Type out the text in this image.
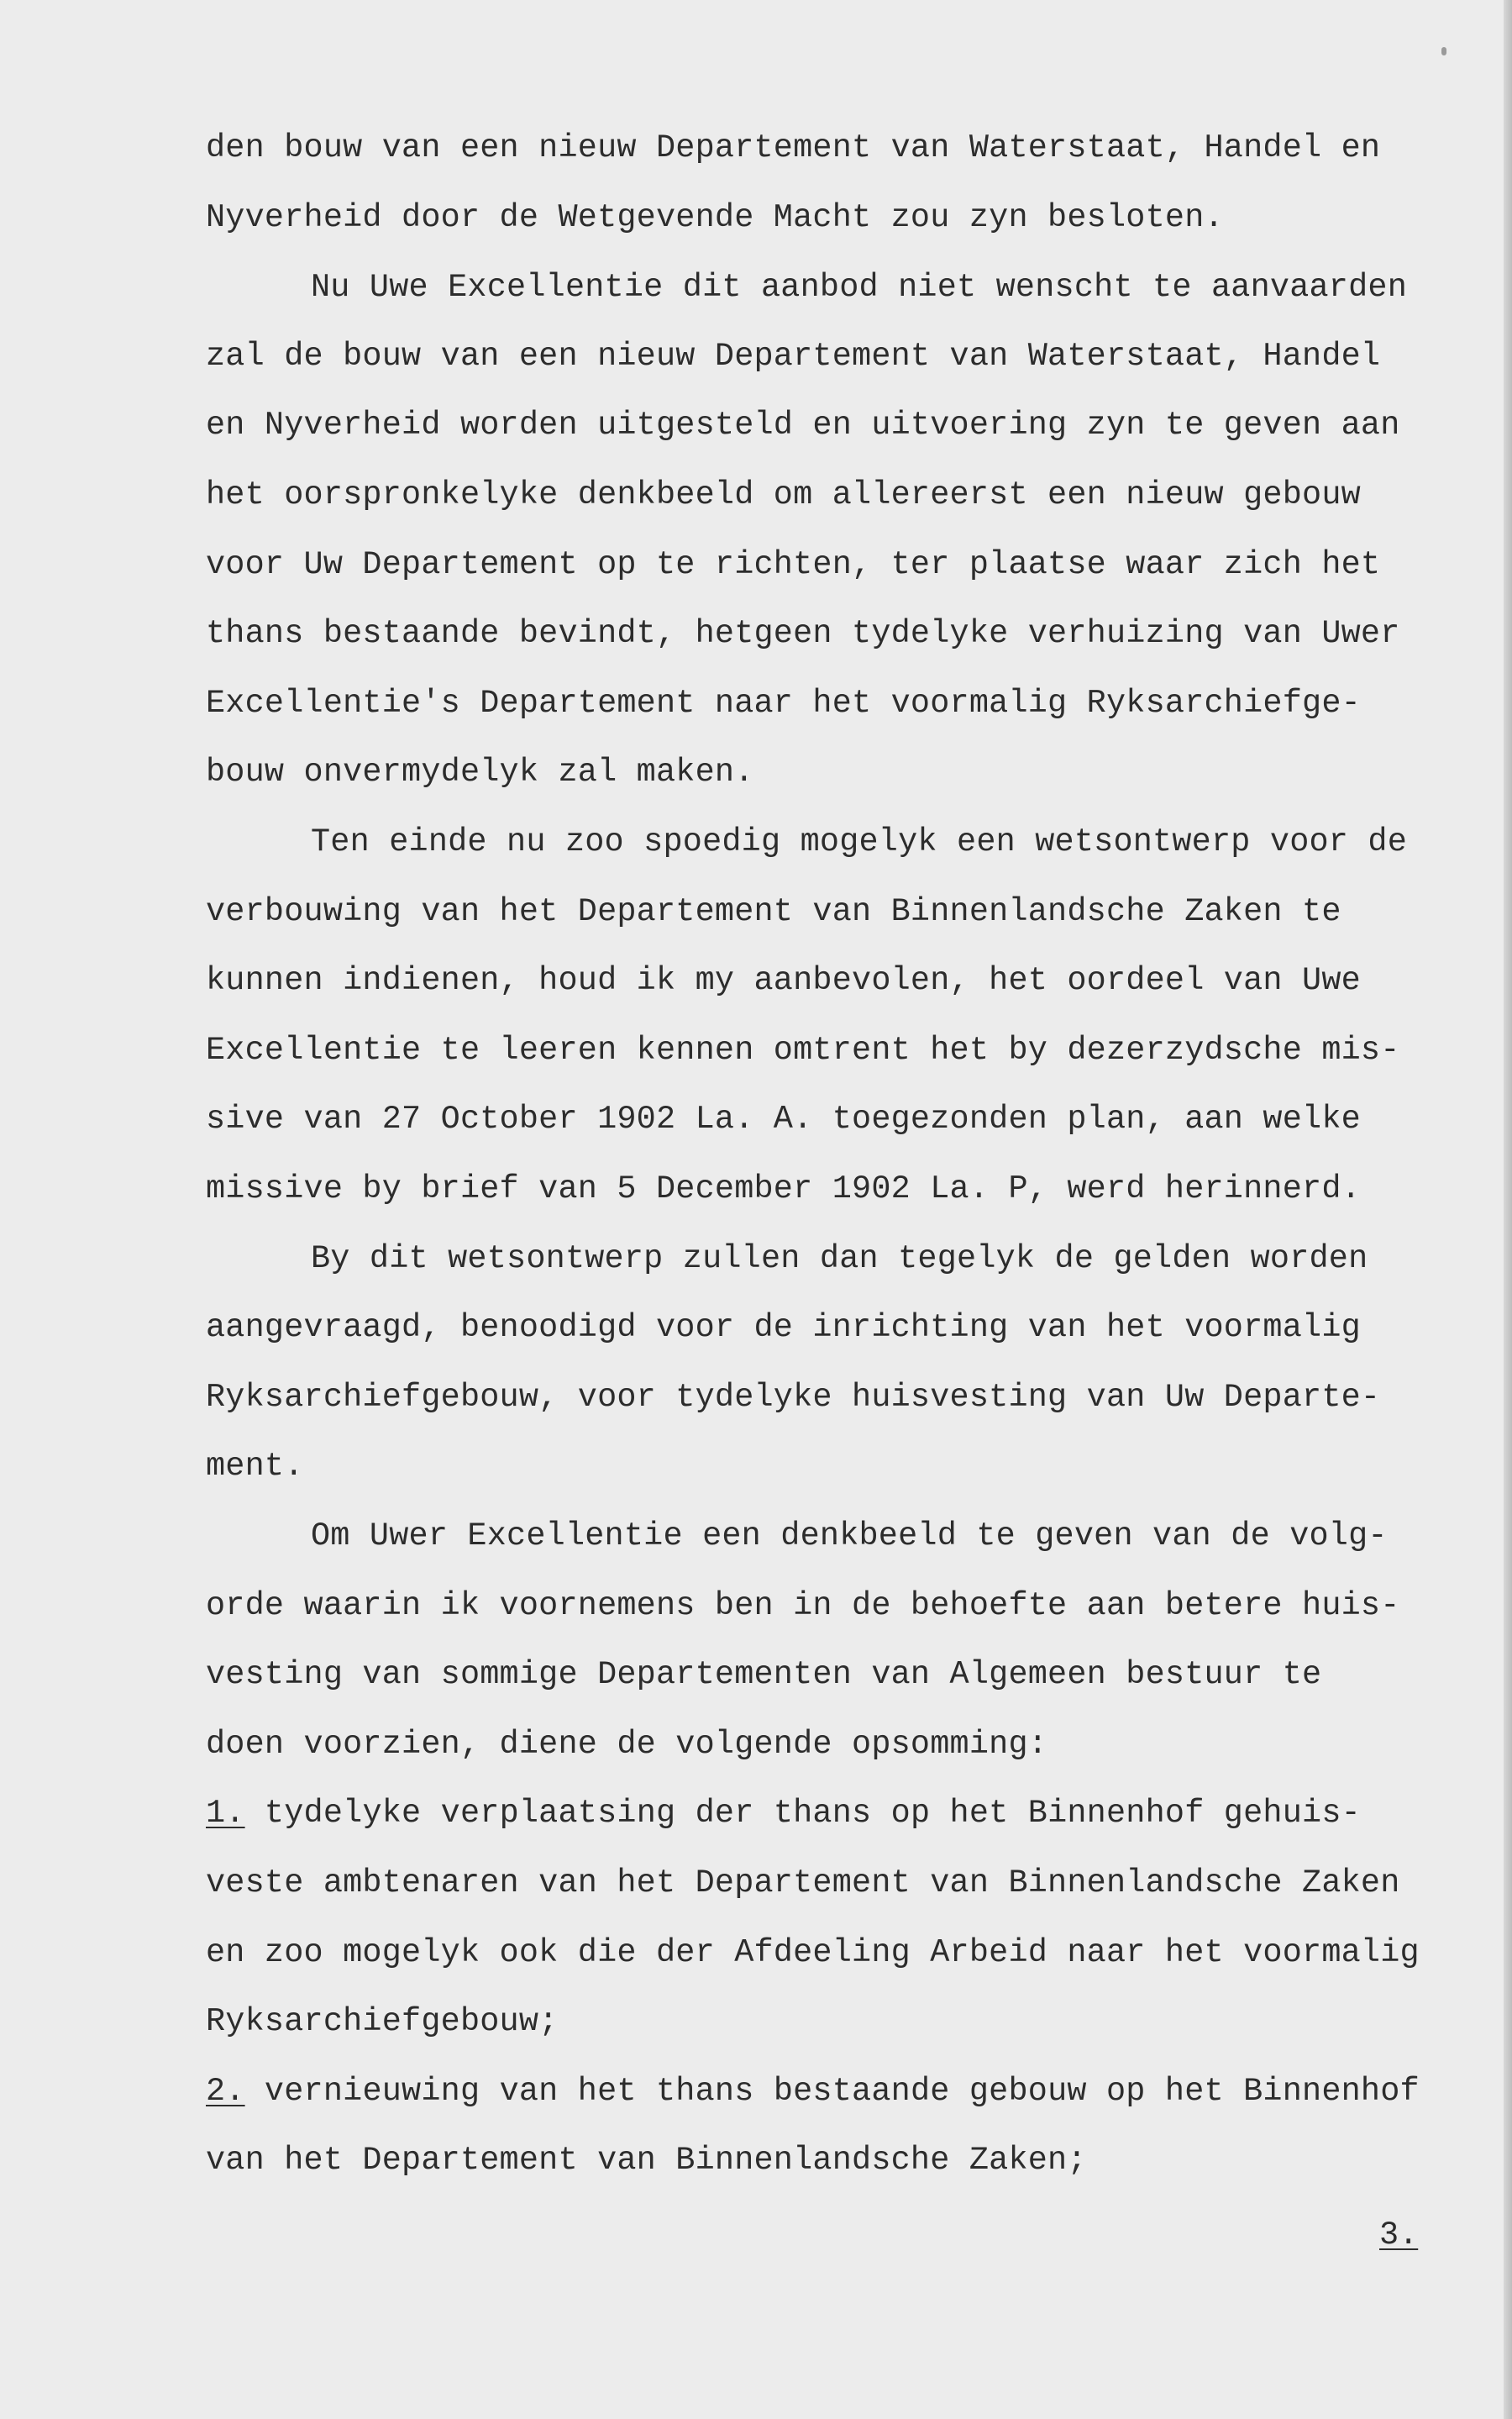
den bouw van een nieuw Departement van Waterstaat, Handel en

Nyverheid door de Wetgevende Macht zou zyn besloten.

Nu Uwe Excellentie dit aanbod niet wenscht te aanvaarden

zal de bouw van een nieuw Departement van Waterstaat, Handel

en Nyverheid worden uitgesteld en uitvoering zyn te geven aan

het oorspronkelyke denkbeeld om allereerst een nieuw gebouw

voor Uw Departement op te richten, ter plaatse waar zich het

thans bestaande bevindt, hetgeen tydelyke verhuizing van Uwer

Excellentie's Departement naar het voormalig Ryksarchiefge-

bouw onvermydelyk zal maken.

Ten einde nu zoo spoedig mogelyk een wetsontwerp voor de

verbouwing van het Departement van Binnenlandsche Zaken te

kunnen indienen, houd ik my aanbevolen, het oordeel van Uwe

Excellentie te leeren kennen omtrent het by dezerzydsche mis-

sive van 27 October 1902 La. A. toegezonden plan, aan welke

missive by brief van 5 December 1902 La. P, werd herinnerd.

By dit wetsontwerp zullen dan tegelyk de gelden worden

aangevraagd, benoodigd voor de inrichting van het voormalig

Ryksarchiefgebouw, voor tydelyke huisvesting van Uw Departe-

ment.

Om Uwer Excellentie een denkbeeld te geven van de volg-

orde waarin ik voornemens ben in de behoefte aan betere huis-

vesting van sommige Departementen van Algemeen bestuur te

doen voorzien, diene de volgende opsomming:

1. tydelyke verplaatsing der thans op het Binnenhof gehuis-

veste ambtenaren van het Departement van Binnenlandsche Zaken

en zoo mogelyk ook die der Afdeeling Arbeid naar het voormalig

Ryksarchiefgebouw;

2. vernieuwing van het thans bestaande gebouw op het Binnenhof

van het Departement van Binnenlandsche Zaken;

3.
